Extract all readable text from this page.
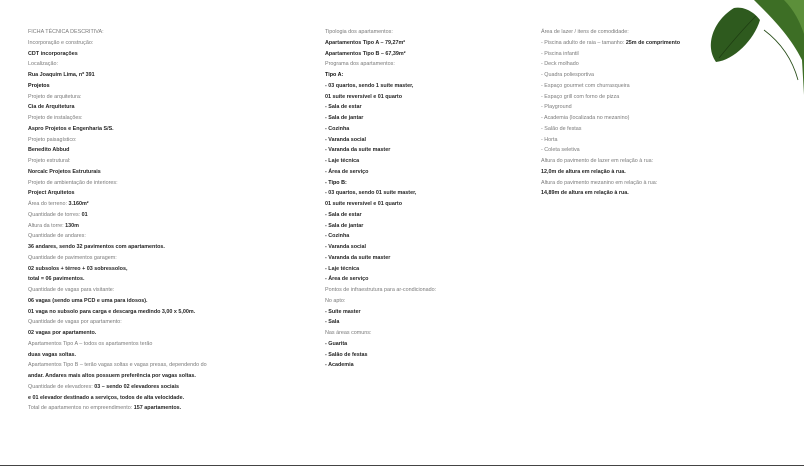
FICHA TÉCNICA DESCRITIVA:
Incorporação e construção:
CDT incorporações
Localização:
Rua Joaquim Lima, nº 391
Projetos
Projeto de arquitetura:
Cia de Arquitetura
Projeto de instalações:
Aspro Projetos e Engenharia S/S.
Projeto paisagístico:
Benedito Abbud
Projeto estrutural:
Norcalc Projetos Estruturais
Projeto de ambientação de interiores:
Project Arquitetos
Área do terreno: 3.160m²
Quantidade de torres: 01
Altura da torre: 130m
Quantidade de andares:
36 andares, sendo 32 pavimentos com apartamentos.
Quantidade de pavimentos garagem:
02 subsolos + térreo + 03 sobressolos,
total = 06 pavimentos.
Quantidade de vagas para visitante:
06 vagas (sendo uma PCD e uma para idosos).
01 vaga no subsolo para carga e descarga medindo 3,00 x 5,00m.
Quantidade de vagas por apartamento:
02 vagas por apartamento.
Apartamentos Tipo A – todos os apartamentos terão
duas vagas soltas.
Apartamentos Tipo B – terão vagas soltas e vagas presas, dependendo do
andar. Andares mais altos possuem preferência por vagas soltas.
Quantidade de elevadores: 03 – sendo 02 elevadores sociais
e 01 elevador destinado a serviços, todos de alta velocidade.
Total de apartamentos no empreendimento: 157 apartamentos.
Tipologia dos apartamentos:
Apartamentos Tipo A – 79,27m²
Apartamentos Tipo B – 67,39m²
Programa dos apartamentos:
Tipo A:
- 03 quartos, sendo 1 suíte master,
01 suíte reversível e 01 quarto
- Sala de estar
- Sala de jantar
- Cozinha
- Varanda social
- Varanda da suíte master
- Laje técnica
- Área de serviço
- Tipo B:
- 03 quartos, sendo 01 suíte master,
01 suíte reversível e 01 quarto
- Sala de estar
- Sala de jantar
- Cozinha
- Varanda social
- Varanda da suíte master
- Laje técnica
- Área de serviço
Pontos de infraestrutura para ar-condicionado:
No apto:
- Suíte master
- Sala
Nas áreas comuns:
- Guarita
- Salão de festas
- Academia
Área de lazer / itens de comodidade:
- Piscina adulto de raia – tamanho: 25m de comprimento
- Piscina infantil
- Deck molhado
- Quadra poliesportiva
- Espaço gourmet com churrasqueira
- Espaço grill com forno de pizza
- Playground
- Academia (localizada no mezanino)
- Salão de festas
- Horta
- Coleta seletiva
Altura do pavimento de lazer em relação à rua:
12,0m de altura em relação à rua.
Altura do pavimento mezanino em relação à rua:
14,89m de altura em relação à rua.
